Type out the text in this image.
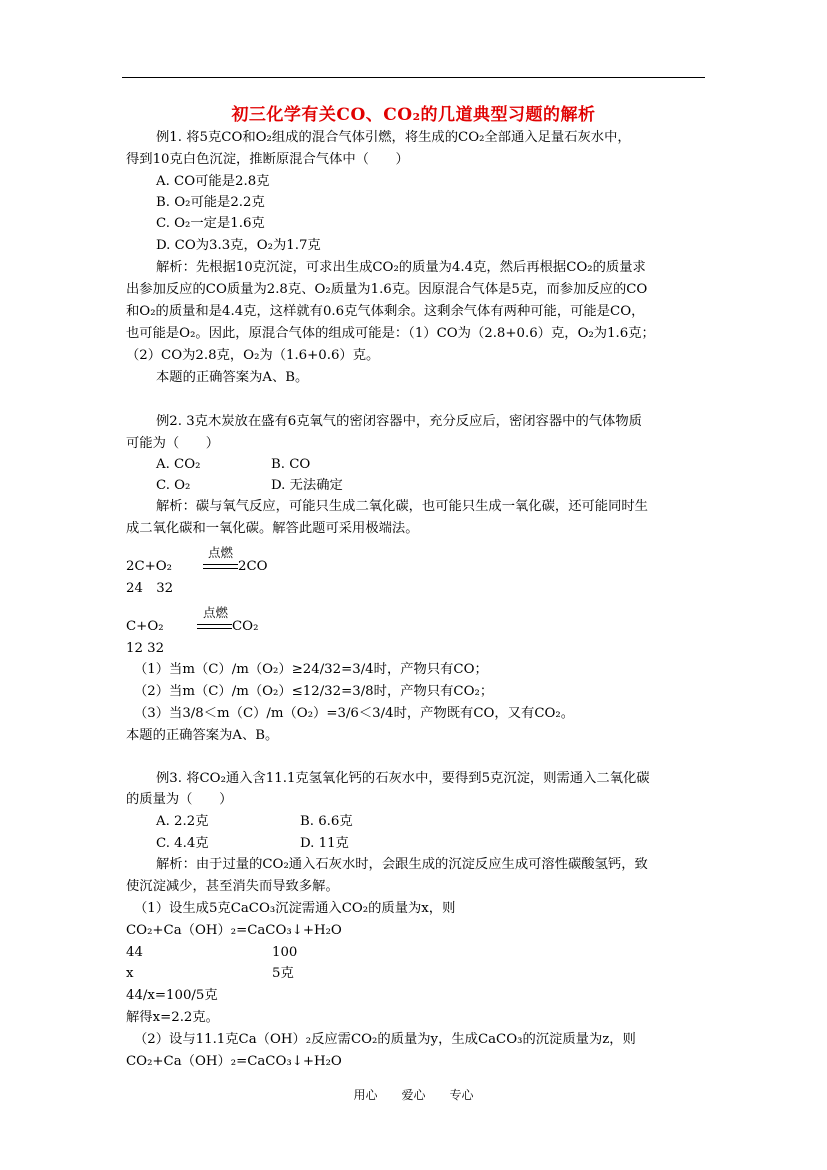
初三化学有关CO、CO₂的几道典型习题的解析
例1. 将5克CO和O₂组成的混合气体引燃，将生成的CO₂全部通入足量石灰水中，
得到10克白色沉淀，推断原混合气体中（　　）
A. CO可能是2.8克
B. O₂可能是2.2克
C. O₂一定是1.6克
D. CO为3.3克，O₂为1.7克
解析：先根据10克沉淀，可求出生成CO₂的质量为4.4克，然后再根据CO₂的质量求
出参加反应的CO质量为2.8克、O₂质量为1.6克。因原混合气体是5克，而参加反应的CO
和O₂的质量和是4.4克，这样就有0.6克气体剩余。这剩余气体有两种可能，可能是CO，
也可能是O₂。因此，原混合气体的组成可能是：（1）CO为（2.8+0.6）克，O₂为1.6克；
（2）CO为2.8克，O₂为（1.6+0.6）克。
本题的正确答案为A、B。
例2. 3克木炭放在盛有6克氧气的密闭容器中，充分反应后，密闭容器中的气体物质
可能为（　　）
A. CO₂	B. CO
C. O₂	D. 无法确定
解析：碳与氧气反应，可能只生成二氧化碳，也可能只生成一氧化碳，还可能同时生
成二氧化碳和一氧化碳。解答此题可采用极端法。
点燃
2C+O₂	2CO
24　32
点燃
C+O₂	CO₂
12 32
（1）当m（C）/m（O₂）≥24/32=3/4时，产物只有CO；
（2）当m（C）/m（O₂）≤12/32=3/8时，产物只有CO₂；
（3）当3/8＜m（C）/m（O₂）=3/6＜3/4时，产物既有CO，又有CO₂。
本题的正确答案为A、B。
例3. 将CO₂通入含11.1克氢氧化钙的石灰水中，要得到5克沉淀，则需通入二氧化碳
的质量为（　　）
A. 2.2克	B. 6.6克
C. 4.4克	D. 11克
解析：由于过量的CO₂通入石灰水时，会跟生成的沉淀反应生成可溶性碳酸氢钙，致
使沉淀减少，甚至消失而导致多解。
（1）设生成5克CaCO₃沉淀需通入CO₂的质量为x，则
CO₂+Ca（OH）₂=CaCO₃↓+H₂O
44	100
x	5克
44/x=100/5克
解得x=2.2克。
（2）设与11.1克Ca（OH）₂反应需CO₂的质量为y，生成CaCO₃的沉淀质量为z，则
CO₂+Ca（OH）₂=CaCO₃↓+H₂O
用心　　爱心　　专心
